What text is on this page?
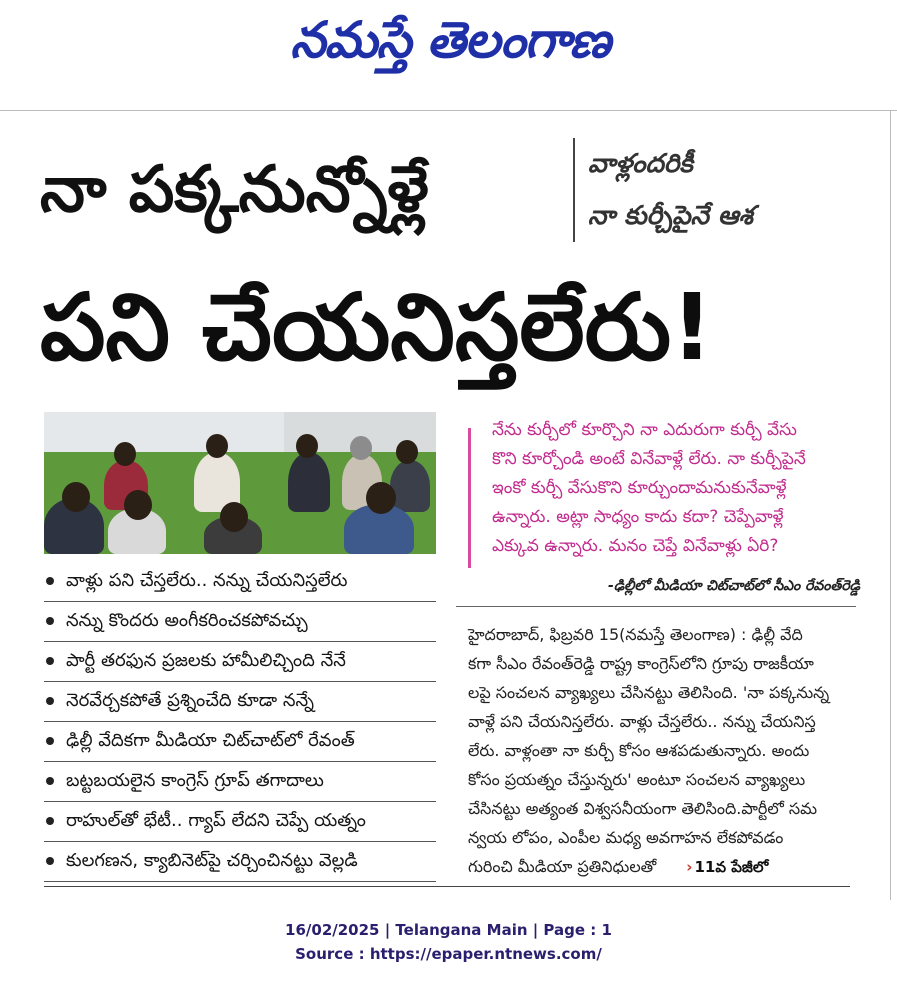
నమస్తే తెలంగాణ
నా పక్కనున్నోళ్లే	వాళ్లందరికీ
నా కుర్చీపైనే ఆశ
పని చేయనిస్తలేరు!
వాళ్లు పని చేస్తలేరు.. నన్ను చేయనిస్తలేరు
నన్ను కొందరు అంగీకరించకపోవచ్చు
పార్టీ తరఫున ప్రజలకు హామీలిచ్చింది నేనే
నెరవేర్చకపోతే ప్రశ్నించేది కూడా నన్నే
ఢిల్లీ వేదికగా మీడియా చిట్‌చాట్‌లో రేవంత్
బట్టబయలైన కాంగ్రెస్ గ్రూప్ తగాదాలు
రాహుల్‌తో భేటీ.. గ్యాప్ లేదని చెప్పే యత్నం
కులగణన, క్యాబినెట్‌పై చర్చించినట్టు వెల్లడి
నేను కుర్చీలో కూర్చొని నా ఎదురుగా కుర్చీ వేసు
కొని కూర్చోండి అంటే వినేవాళ్లే లేరు. నా కుర్చీపైనే
ఇంకో కుర్చీ వేసుకొని కూర్చుందామనుకునేవాళ్లే
ఉన్నారు. అట్లా సాధ్యం కాదు కదా? చెప్పేవాళ్లే
ఎక్కువ ఉన్నారు. మనం చెప్తే వినేవాళ్లు ఏరి?
-ఢిల్లీలో మీడియా చిట్‌చాట్‌లో సీఎం రేవంత్‌రెడ్డి

హైదరాబాద్, ఫిబ్రవరి 15(నమస్తే తెలంగాణ) : ఢిల్లీ వేది

కగా సీఎం రేవంత్‌రెడ్డి రాష్ట్ర కాంగ్రెస్‌లోని గ్రూపు రాజకీయా

లపై సంచలన వ్యాఖ్యలు చేసినట్టు తెలిసింది. 'నా పక్కనున్న

వాళ్లే పని చేయనిస్తలేరు. వాళ్లు చేస్తలేరు.. నన్ను చేయనిస్త

లేరు. వాళ్లంతా నా కుర్చీ కోసం ఆశపడుతున్నారు. అందు

కోసం ప్రయత్నం చేస్తున్నరు' అంటూ సంచలన వ్యాఖ్యలు

చేసినట్టు అత్యంత విశ్వసనీయంగా తెలిసింది.పార్టీలో సమ

న్వయ లోపం, ఎంపీల మధ్య అవగాహన లేకపోవడం

గురించి మీడియా ప్రతినిధులతో › 11వ పేజీలో

16/02/2025 | Telangana Main | Page : 1
Source : https://epaper.ntnews.com/
